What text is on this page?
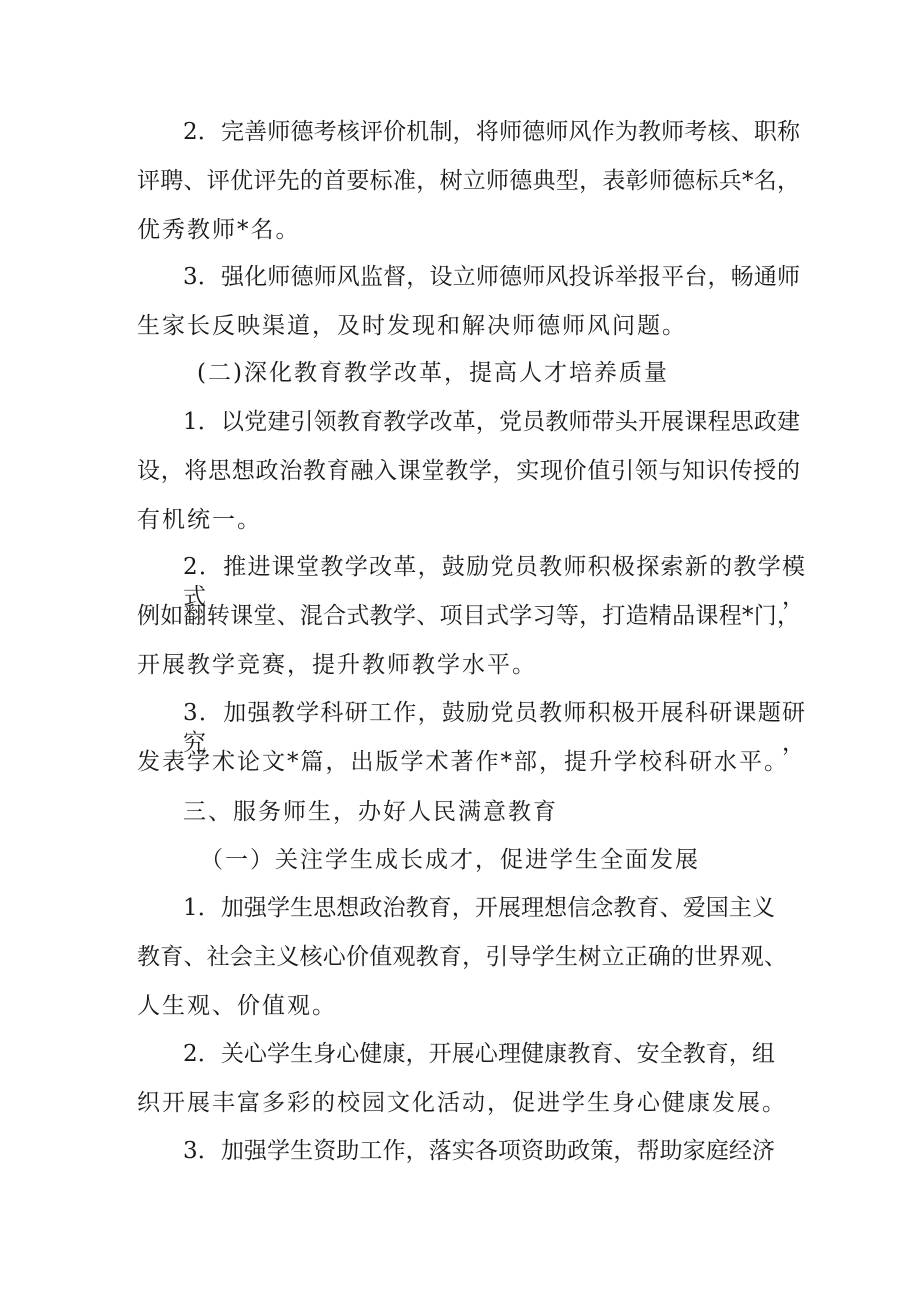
2．完善师德考核评价机制，将师德师风作为教师考核、职称
评聘、评优评先的首要标准，树立师德典型，表彰师德标兵*名，
优秀教师*名。
3．强化师德师风监督，设立师德师风投诉举报平台，畅通师
生家长反映渠道，及时发现和解决师德师风问题。
(二)深化教育教学改革，提高人才培养质量
1．以党建引领教育教学改革，党员教师带头开展课程思政建
设，将思想政治教育融入课堂教学，实现价值引领与知识传授的
有机统一。
2．推进课堂教学改革，鼓励党员教师积极探索新的教学模式，
例如翻转课堂、混合式教学、项目式学习等，打造精品课程*门，
开展教学竞赛，提升教师教学水平。
3．加强教学科研工作，鼓励党员教师积极开展科研课题研究，
发表学术论文*篇，出版学术著作*部，提升学校科研水平。
三、服务师生，办好人民满意教育
（一）关注学生成长成才，促进学生全面发展
1．加强学生思想政治教育，开展理想信念教育、爱国主义
教育、社会主义核心价值观教育，引导学生树立正确的世界观、
人生观、价值观。
2．关心学生身心健康，开展心理健康教育、安全教育，组
织开展丰富多彩的校园文化活动，促进学生身心健康发展。
3．加强学生资助工作，落实各项资助政策，帮助家庭经济
